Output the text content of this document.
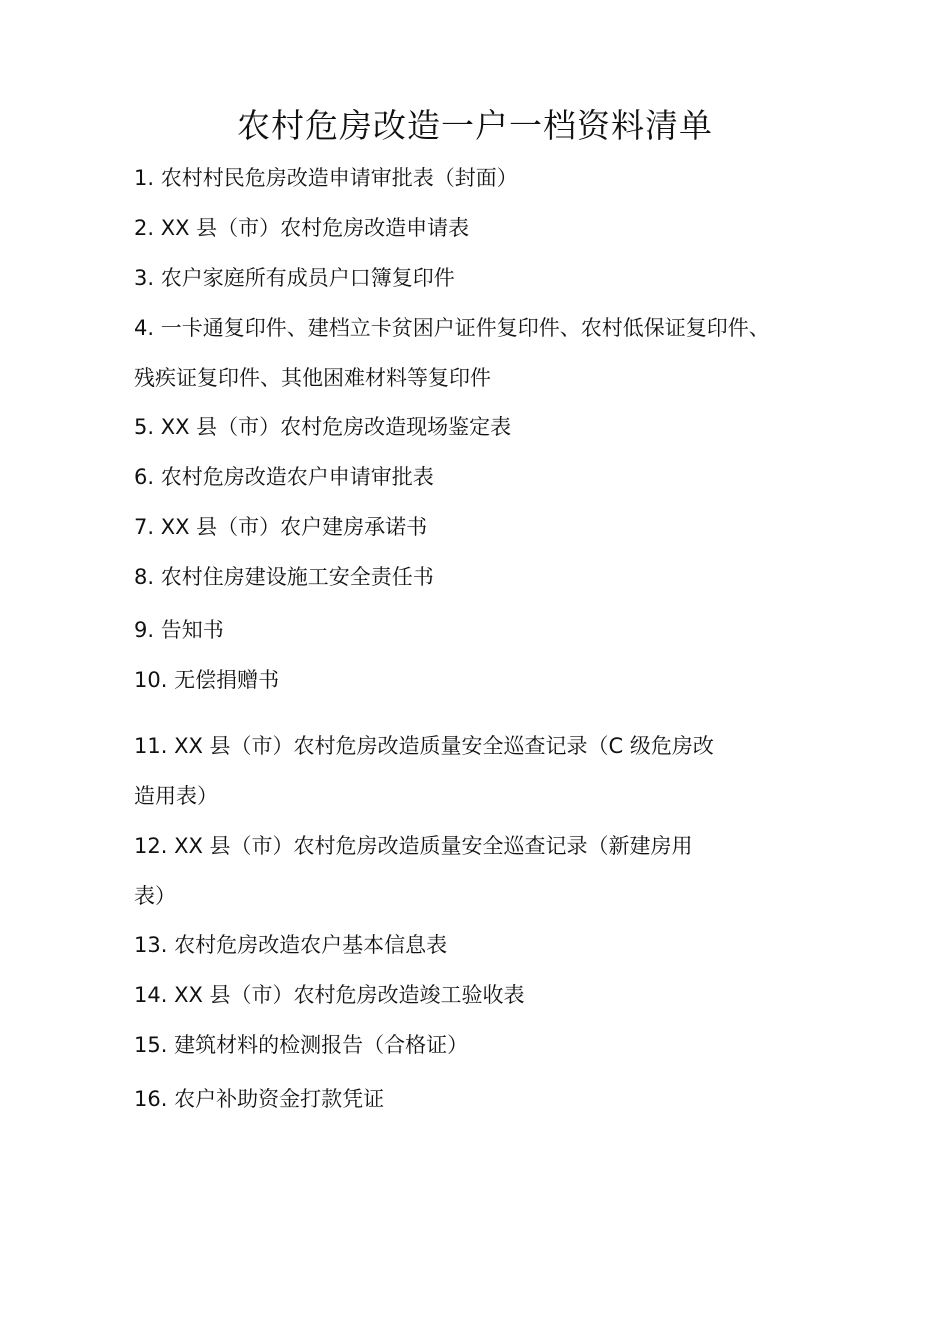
农村危房改造一户一档资料清单

1. 农村村民危房改造申请审批表（封面）

2. XX 县（市）农村危房改造申请表

3. 农户家庭所有成员户口簿复印件

4. 一卡通复印件、建档立卡贫困户证件复印件、农村低保证复印件、

残疾证复印件、其他困难材料等复印件

5. XX 县（市）农村危房改造现场鉴定表

6. 农村危房改造农户申请审批表

7. XX 县（市）农户建房承诺书

8. 农村住房建设施工安全责任书

9. 告知书

10. 无偿捐赠书

11. XX 县（市）农村危房改造质量安全巡查记录（C 级危房改

造用表）

12. XX 县（市）农村危房改造质量安全巡查记录（新建房用

表）

13. 农村危房改造农户基本信息表

14. XX 县（市）农村危房改造竣工验收表

15. 建筑材料的检测报告（合格证）

16. 农户补助资金打款凭证
